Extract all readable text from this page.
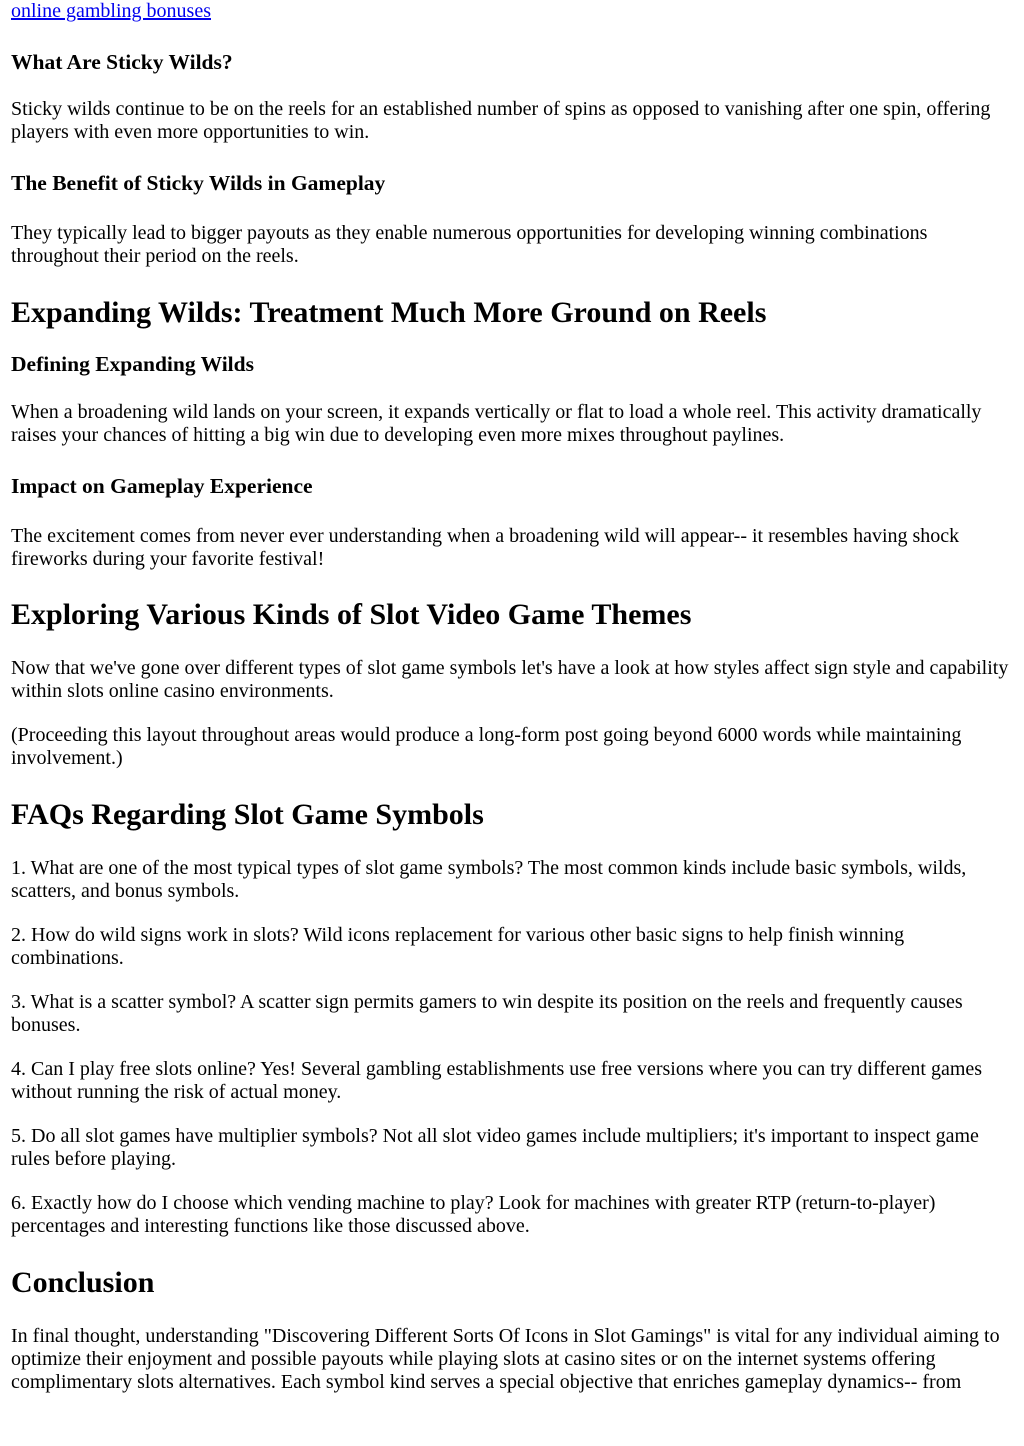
online gambling bonuses
What Are Sticky Wilds?

Sticky wilds continue to be on the reels for an established number of spins as opposed to vanishing after one spin, offering players with even more opportunities to win.

The Benefit of Sticky Wilds in Gameplay

They typically lead to bigger payouts as they enable numerous opportunities for developing winning combinations throughout their period on the reels.

Expanding Wilds: Treatment Much More Ground on Reels
Defining Expanding Wilds

When a broadening wild lands on your screen, it expands vertically or flat to load a whole reel. This activity dramatically raises your chances of hitting a big win due to developing even more mixes throughout paylines.

Impact on Gameplay Experience

The excitement comes from never ever understanding when a broadening wild will appear-- it resembles having shock fireworks during your favorite festival!

Exploring Various Kinds of Slot Video Game Themes

Now that we've gone over different types of slot game symbols let's have a look at how styles affect sign style and capability within slots online casino environments.

(Proceeding this layout throughout areas would produce a long-form post going beyond 6000 words while maintaining involvement.)

FAQs Regarding Slot Game Symbols

1. What are one of the most typical types of slot game symbols? The most common kinds include basic symbols, wilds, scatters, and bonus symbols.

2. How do wild signs work in slots? Wild icons replacement for various other basic signs to help finish winning combinations.

3. What is a scatter symbol? A scatter sign permits gamers to win despite its position on the reels and frequently causes bonuses.

4. Can I play free slots online? Yes! Several gambling establishments use free versions where you can try different games without running the risk of actual money.

5. Do all slot games have multiplier symbols? Not all slot video games include multipliers; it's important to inspect game rules before playing.

6. Exactly how do I choose which vending machine to play? Look for machines with greater RTP (return-to-player) percentages and interesting functions like those discussed above.

Conclusion

In final thought, understanding "Discovering Different Sorts Of Icons in Slot Gamings" is vital for any individual aiming to optimize their enjoyment and possible payouts while playing slots at casino sites or on the internet systems offering complimentary slots alternatives. Each symbol kind serves a special objective that enriches gameplay dynamics-- from
